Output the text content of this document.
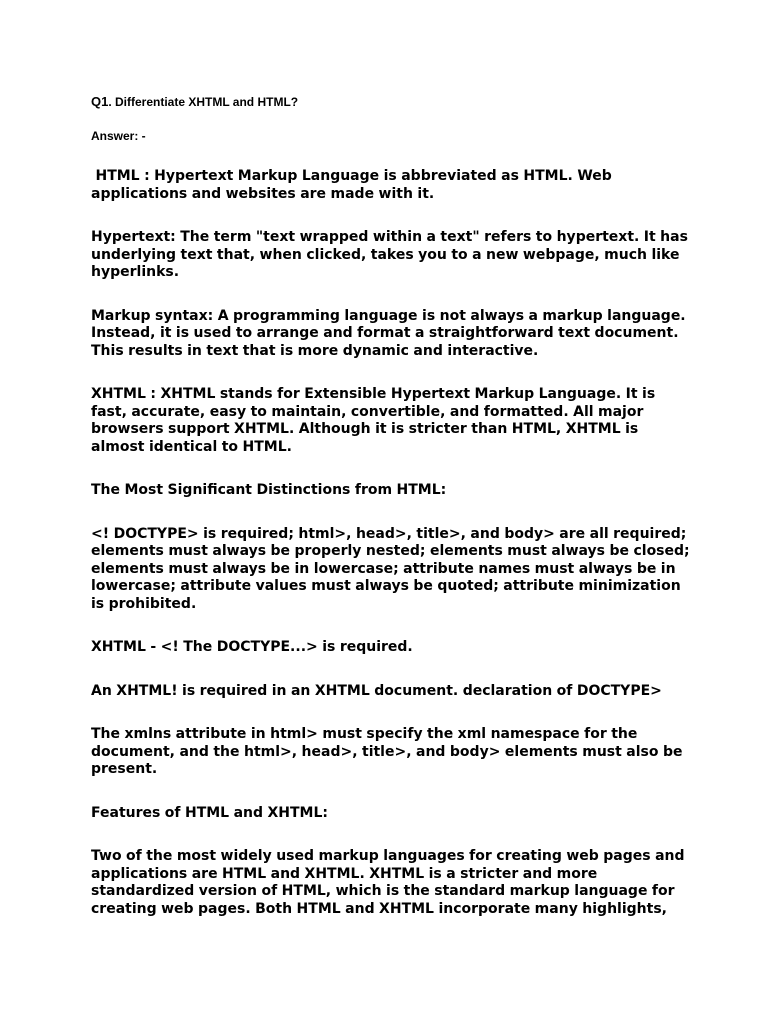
Q1. Differentiate XHTML and HTML?
Answer: -

HTML : Hypertext Markup Language is abbreviated as HTML. Web applications and websites are made with it.

Hypertext: The term "text wrapped within a text" refers to hypertext. It has underlying text that, when clicked, takes you to a new webpage, much like hyperlinks.

Markup syntax: A programming language is not always a markup language. Instead, it is used to arrange and format a straightforward text document. This results in text that is more dynamic and interactive.

XHTML : XHTML stands for Extensible Hypertext Markup Language. It is fast, accurate, easy to maintain, convertible, and formatted. All major browsers support XHTML. Although it is stricter than HTML, XHTML is almost identical to HTML.

The Most Significant Distinctions from HTML:

<! DOCTYPE> is required; html>, head>, title>, and body> are all required; elements must always be properly nested; elements must always be closed; elements must always be in lowercase; attribute names must always be in lowercase; attribute values must always be quoted; attribute minimization is prohibited.

XHTML - <! The DOCTYPE...> is required.

An XHTML! is required in an XHTML document. declaration of DOCTYPE>

The xmlns attribute in html> must specify the xml namespace for the document, and the html>, head>, title>, and body> elements must also be present.

Features of HTML and XHTML:

Two of the most widely used markup languages for creating web pages and applications are HTML and XHTML. XHTML is a stricter and more standardized version of HTML, which is the standard markup language for creating web pages. Both HTML and XHTML incorporate many highlights,
